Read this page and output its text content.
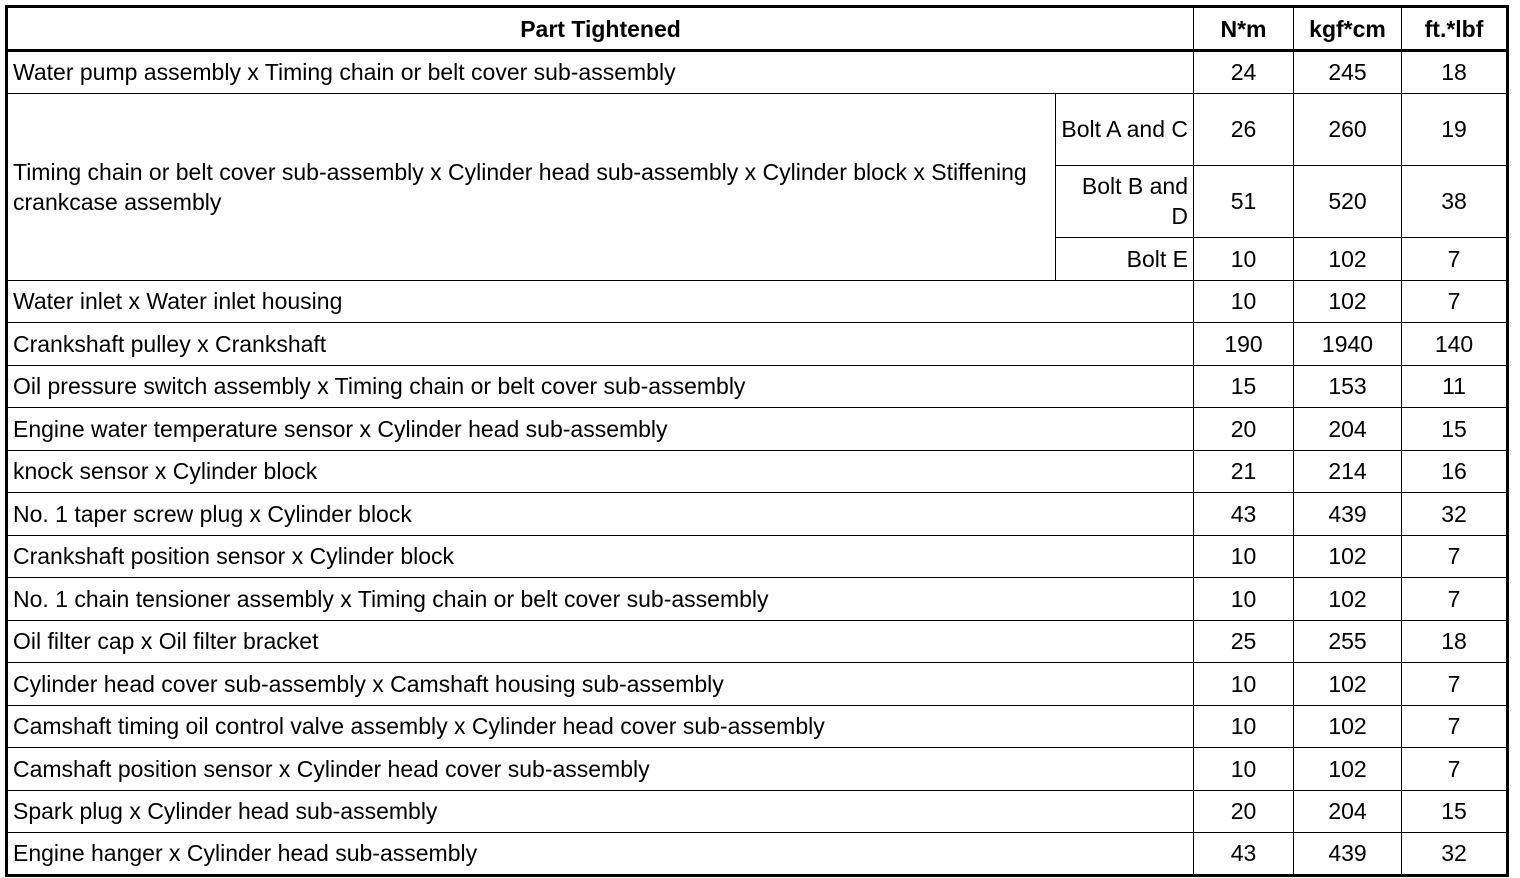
Part Tightened		N*m	kgf*cm	ft.*lbf
Water pump assembly x Timing chain or belt cover sub-assembly		24	245	18
Timing chain or belt cover sub-assembly x Cylinder head sub-assembly x Cylinder block x Stiffening crankcase assembly	Bolt A and C	26	260	19
	Bolt B and D	51	520	38
	Bolt E	10	102	7
Water inlet x Water inlet housing		10	102	7
Crankshaft pulley x Crankshaft		190	1940	140
Oil pressure switch assembly x Timing chain or belt cover sub-assembly		15	153	11
Engine water temperature sensor x Cylinder head sub-assembly		20	204	15
knock sensor x Cylinder block		21	214	16
No. 1 taper screw plug x Cylinder block		43	439	32
Crankshaft position sensor x Cylinder block		10	102	7
No. 1 chain tensioner assembly x Timing chain or belt cover sub-assembly		10	102	7
Oil filter cap x Oil filter bracket		25	255	18
Cylinder head cover sub-assembly x Camshaft housing sub-assembly		10	102	7
Camshaft timing oil control valve assembly x Cylinder head cover sub-assembly		10	102	7
Camshaft position sensor x Cylinder head cover sub-assembly		10	102	7
Spark plug x Cylinder head sub-assembly		20	204	15
Engine hanger x Cylinder head sub-assembly		43	439	32
